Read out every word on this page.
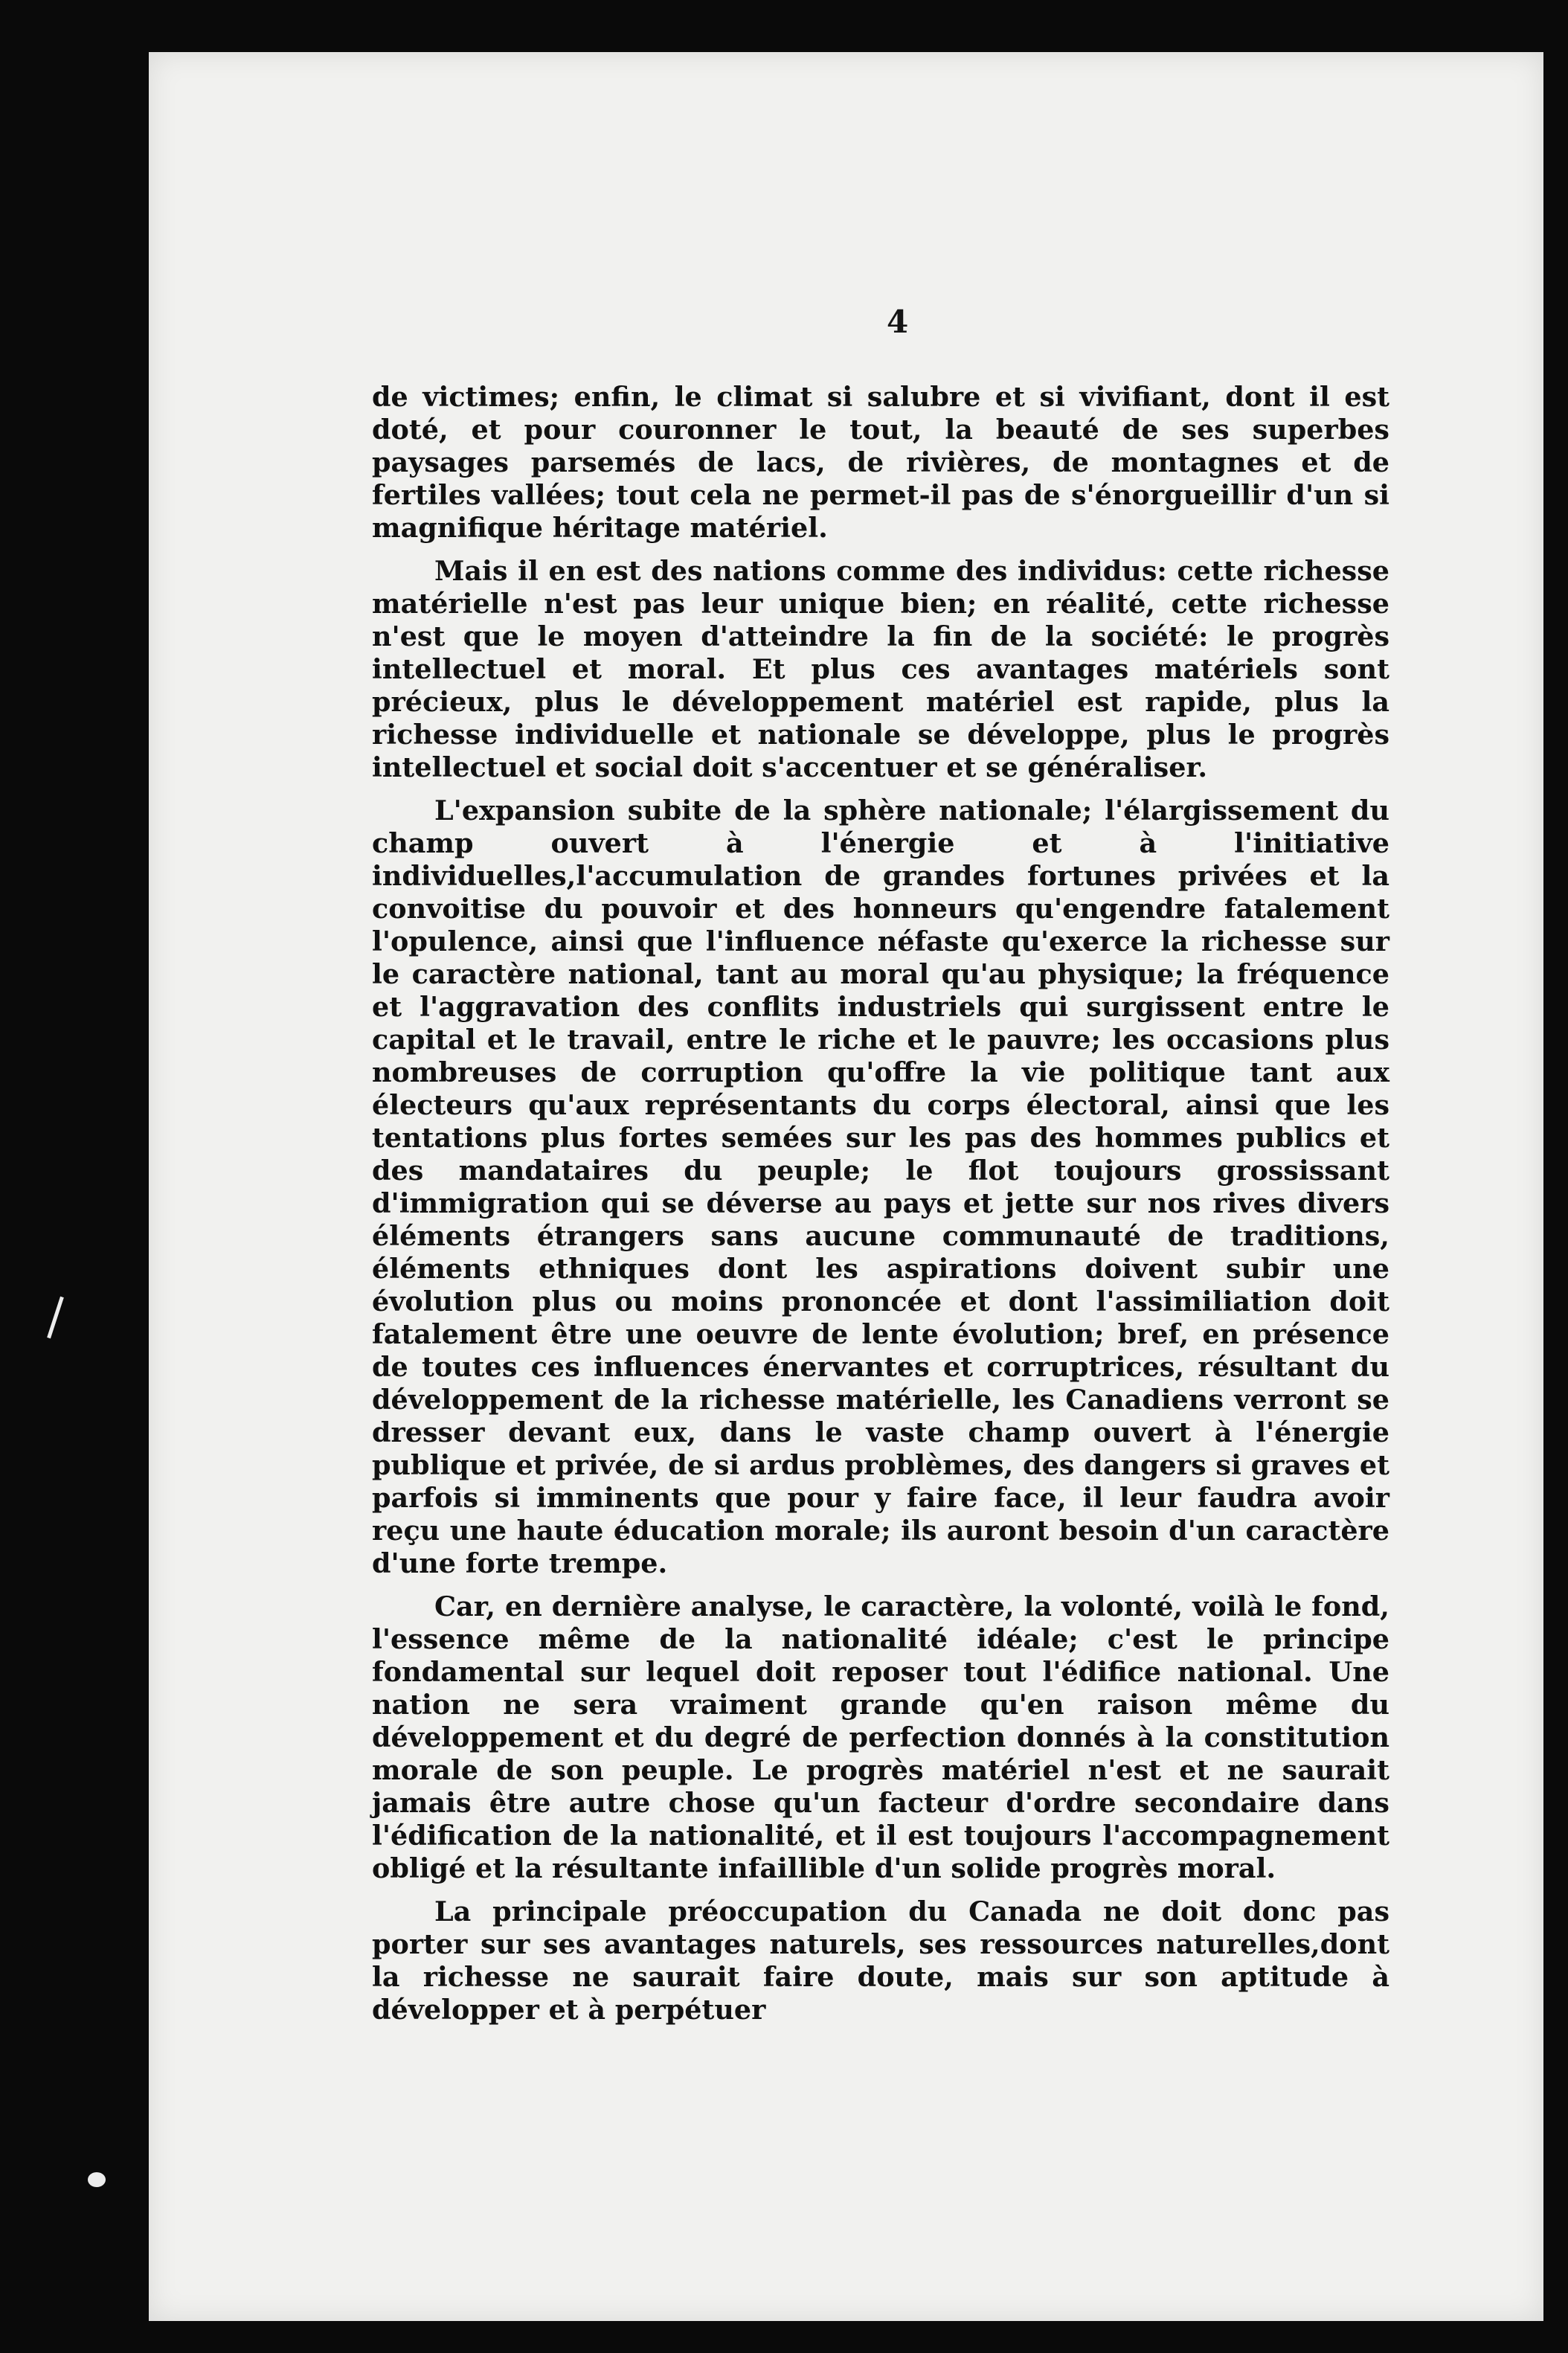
4

de victimes; enfin, le climat si salubre et si vivifiant, dont il est doté, et pour couronner le tout, la beauté de ses superbes paysages parsemés de lacs, de rivières, de montagnes et de fertiles vallées; tout cela ne permet-il pas de s'énorgueillir d'un si magnifique héritage matériel.

Mais il en est des nations comme des individus: cette richesse matérielle n'est pas leur unique bien; en réalité, cette richesse n'est que le moyen d'atteindre la fin de la société: le progrès intellectuel et moral. Et plus ces avantages matériels sont précieux, plus le développement matériel est rapide, plus la richesse individuelle et nationale se développe, plus le progrès intellectuel et social doit s'accentuer et se généraliser.

L'expansion subite de la sphère nationale; l'élargissement du champ ouvert à l'énergie et à l'initiative individuelles,l'accumulation de grandes fortunes privées et la convoitise du pouvoir et des honneurs qu'engendre fatalement l'opulence, ainsi que l'influence néfaste qu'exerce la richesse sur le caractère national, tant au moral qu'au physique; la fréquence et l'aggravation des conflits industriels qui surgissent entre le capital et le travail, entre le riche et le pauvre; les occasions plus nombreuses de corruption qu'offre la vie politique tant aux électeurs qu'aux représentants du corps électoral, ainsi que les tentations plus fortes semées sur les pas des hommes publics et des mandataires du peuple; le flot toujours grossissant d'immigration qui se déverse au pays et jette sur nos rives divers éléments étrangers sans aucune communauté de traditions, éléments ethniques dont les aspirations doivent subir une évolution plus ou moins prononcée et dont l'assimiliation doit fatalement être une oeuvre de lente évolution; bref, en présence de toutes ces influences énervantes et corruptrices, résultant du développement de la richesse matérielle, les Canadiens verront se dresser devant eux, dans le vaste champ ouvert à l'énergie publique et privée, de si ardus problèmes, des dangers si graves et parfois si imminents que pour y faire face, il leur faudra avoir reçu une haute éducation morale; ils auront besoin d'un caractère d'une forte trempe.

Car, en dernière analyse, le caractère, la volonté, voilà le fond, l'essence même de la nationalité idéale; c'est le principe fondamental sur lequel doit reposer tout l'édifice national. Une nation ne sera vraiment grande qu'en raison même du développement et du degré de perfection donnés à la constitution morale de son peuple. Le progrès matériel n'est et ne saurait jamais être autre chose qu'un facteur d'ordre secondaire dans l'édification de la nationalité, et il est toujours l'accompagnement obligé et la résultante infaillible d'un solide progrès moral.

La principale préoccupation du Canada ne doit donc pas porter sur ses avantages naturels, ses ressources naturelles,dont la richesse ne saurait faire doute, mais sur son aptitude à développer et à perpétuer
